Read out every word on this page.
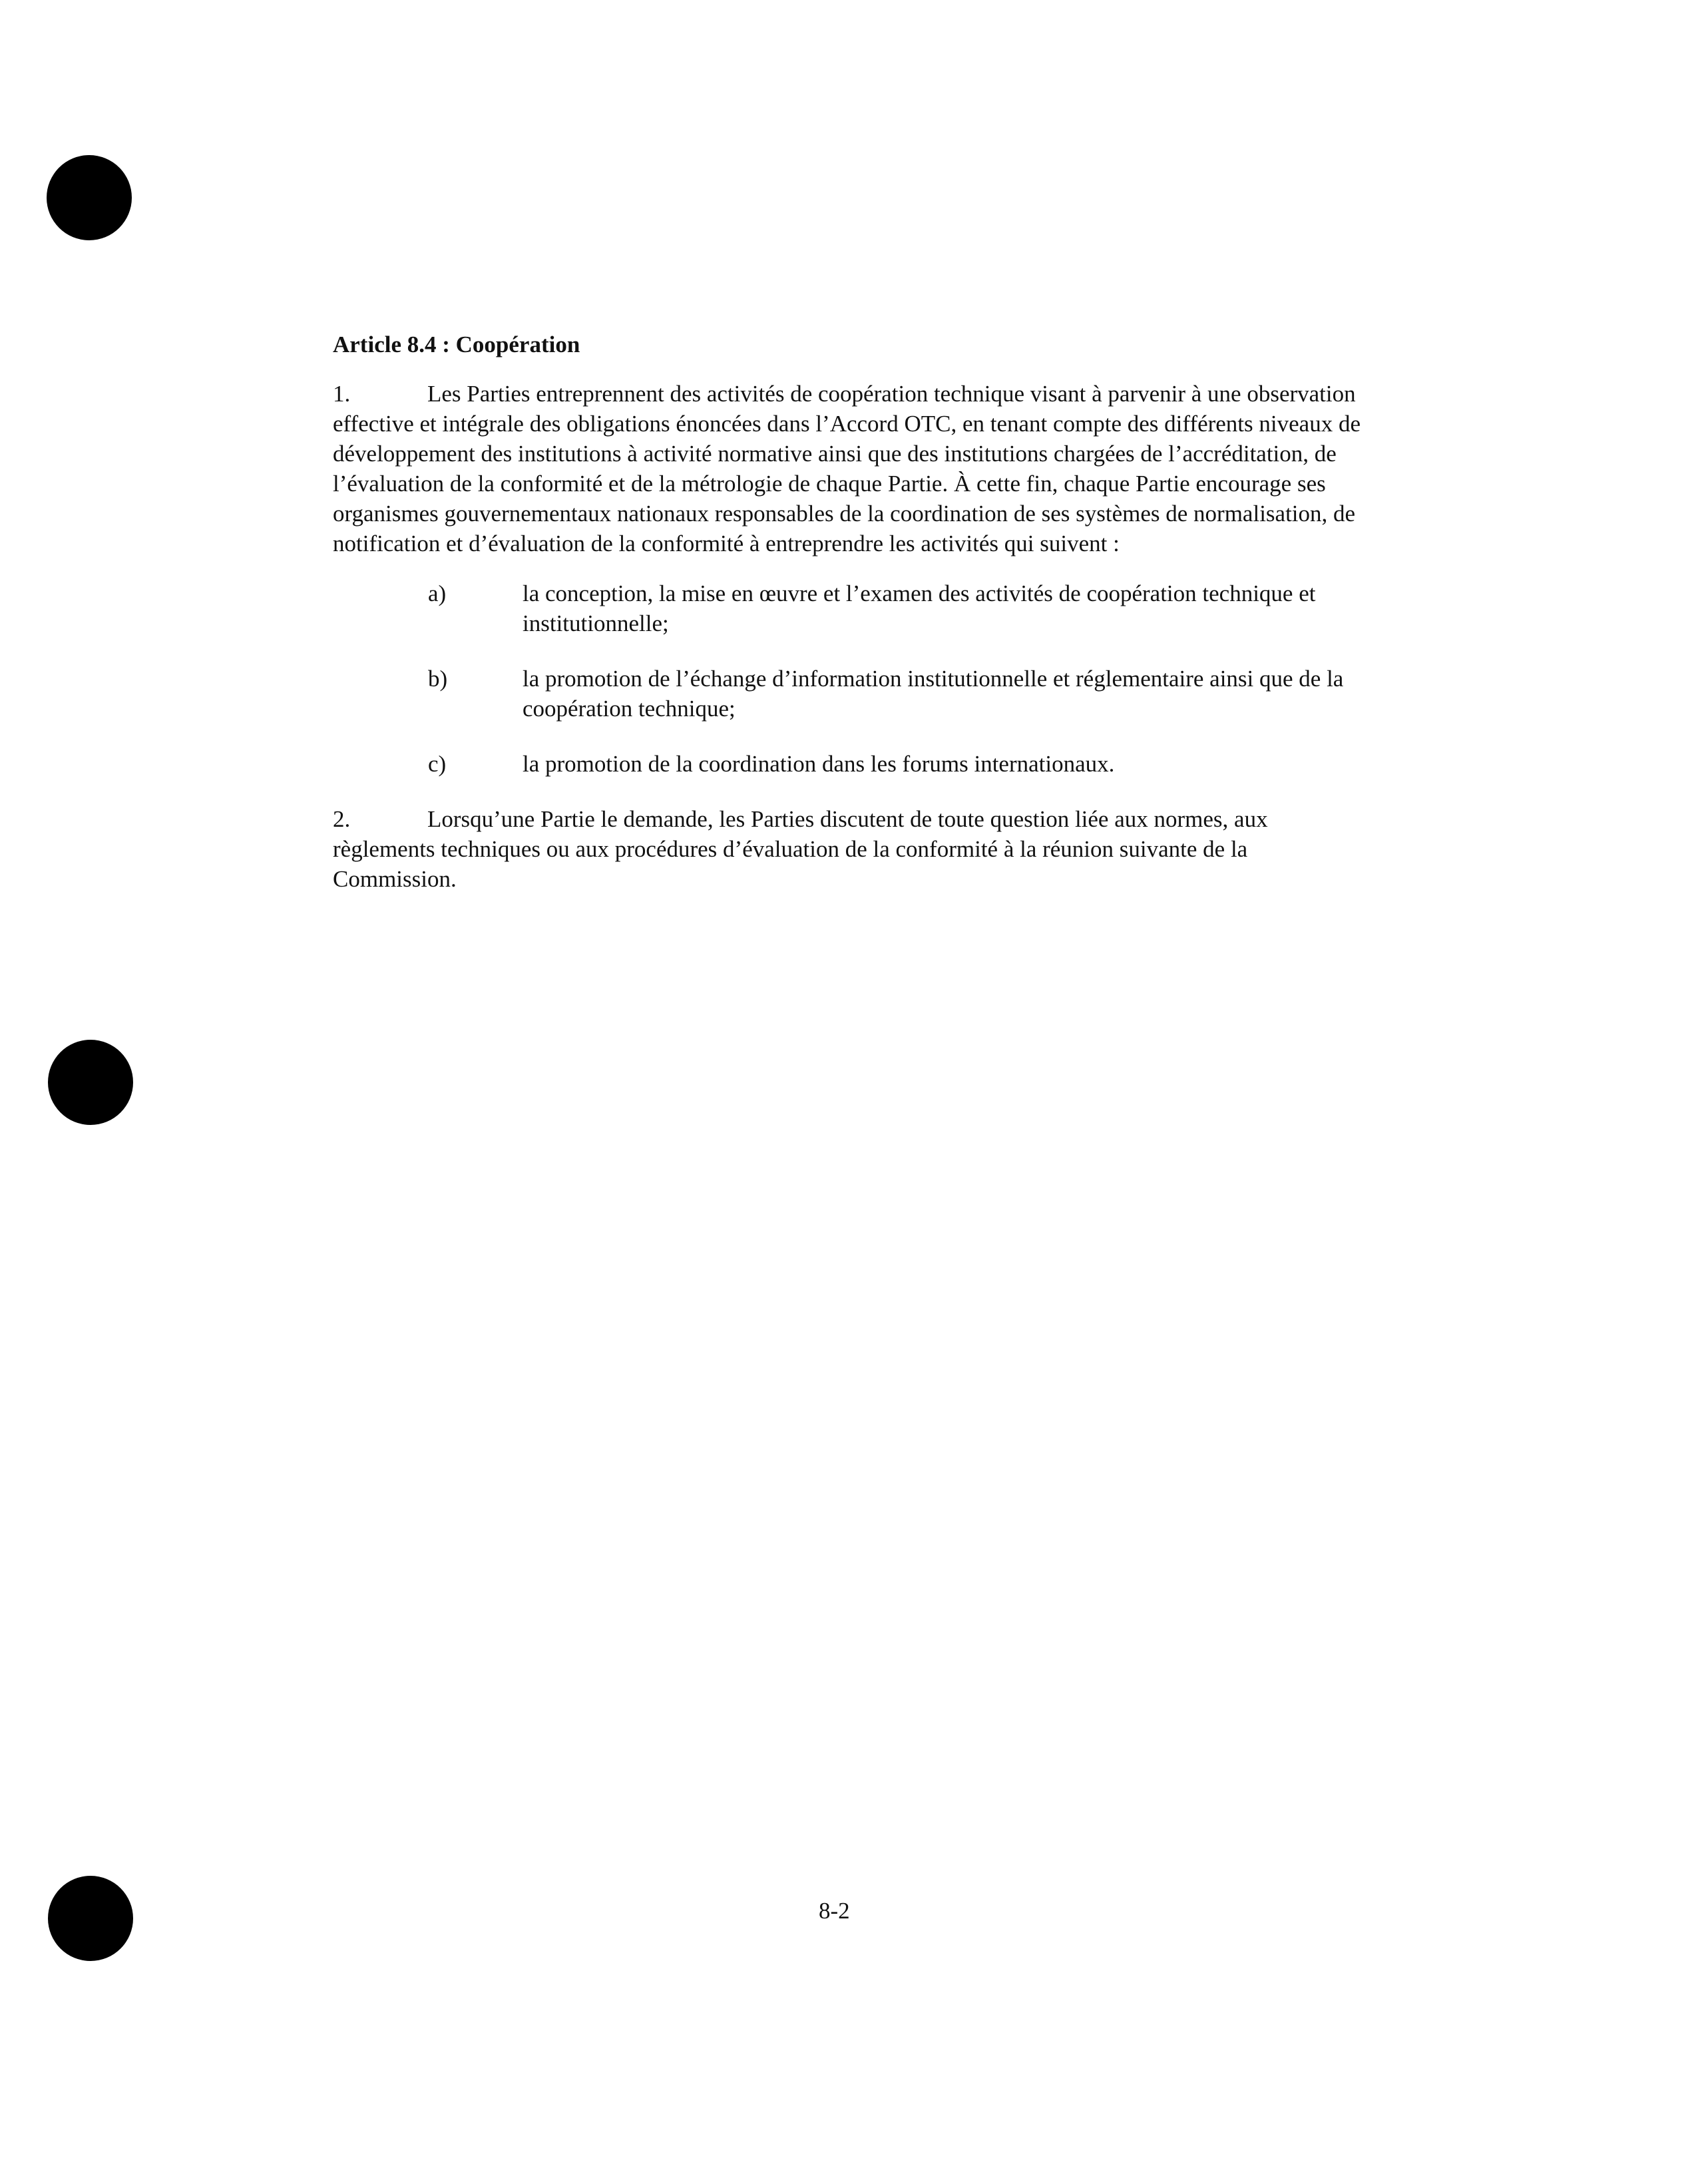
Article 8.4 : Coopération

1.	Les Parties entreprennent des activités de coopération technique visant à parvenir à une observation effective et intégrale des obligations énoncées dans l’Accord OTC, en tenant compte des différents niveaux de développement des institutions à activité normative ainsi que des institutions chargées de l’accréditation, de l’évaluation de la conformité et de la métrologie de chaque Partie. À cette fin, chaque Partie encourage ses organismes gouvernementaux nationaux responsables de la coordination de ses systèmes de normalisation, de notification et d’évaluation de la conformité à entreprendre les activités qui suivent :

a)	la conception, la mise en œuvre et l’examen des activités de coopération technique et institutionnelle;
b)	la promotion de l’échange d’information institutionnelle et réglementaire ainsi que de la coopération technique;
c)	la promotion de la coordination dans les forums internationaux.

2.	Lorsqu’une Partie le demande, les Parties discutent de toute question liée aux normes, aux règlements techniques ou aux procédures d’évaluation de la conformité à la réunion suivante de la Commission.

8-2
